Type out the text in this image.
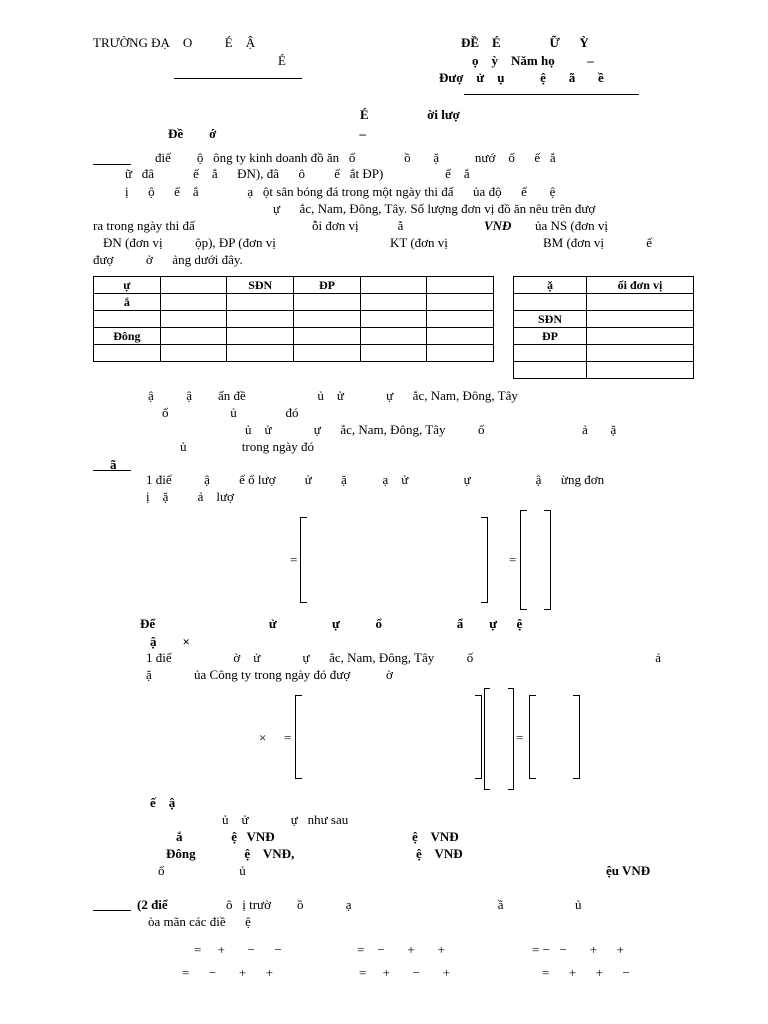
TRƯỜNG ĐẠ    O          É    Ậ
É
ĐỀ    É               Ữ      Ỳ
ọ    ỳ    Năm họ          –
Đượ    ử    ụ           ệ       ã       ề
É                  ời lượ
Đề        ớ                                            –
điể        ộ   ông ty kinh doanh đồ ăn   ố               ồ       ặ           nướ    ố      ế   ắ
ữ   đâ            ế    ắ      ĐN), đâ      ô         ế   ắt ĐP)                   ế    ắ
ị      ộ      ế    ắ               ạ   ột sân bóng đá trong một ngày thi đấ      ủa độ      ế       ệ
ự      ắc, Nam, Đông, Tây. Số lượng đơn vị đồ ăn nêu trên đượ
ra trong ngày thi đấ	ỗi đơn vị            ằ	VNĐ ủa NS (đơn vị
ĐN (đơn vị          ộp), ĐP (đơn vị	KT (đơn vị	BM (đơn vị             ế
đượ          ở      ảng dưới đây.
ự		SĐN	ĐP		
ắ					

Đông					

ặ	ối đơn vị

SĐN	
ĐP	

ậ          ậ        ấn đề                      ủ    ử             ự      ắc, Nam, Đông, Tây
ố                   ủ               đó
ủ    ử             ự      ắc, Nam, Đông, Tây          ố                              ả       ặ
ủ                 trong ngày đó
ã
1 điể          ậ         ể ố lượ         ử         ặ           ạ    ử                 ự                    ậ      ừng đơn
ị    ặ         ả    lượ
=	=
Để                                   ử                 ự           ổ                       ẩ        ự      ệ
ậ        ×
1 điể                   ờ    ử             ự      ắc, Nam, Đông, Tây          ố                                                        ả
ặ             ủa Công ty trong ngày đó đượ           ờ
× =	=
ế    ậ
ủ    ử             ự   như sau
ắ               ệ   VNĐ	ệ    VNĐ
Đông               ệ    VNĐ,	ệ    VNĐ
ố                       ủ	ệu VNĐ
(2 điể	ô   ị trườ        ồ             ạ                                             ầ                      ủ
òa mãn các điề      ệ
=     +       −      −	=    −       +       +	= −   −       +      +
=      −       +      +	=     +       −       +	=      +      +      −
